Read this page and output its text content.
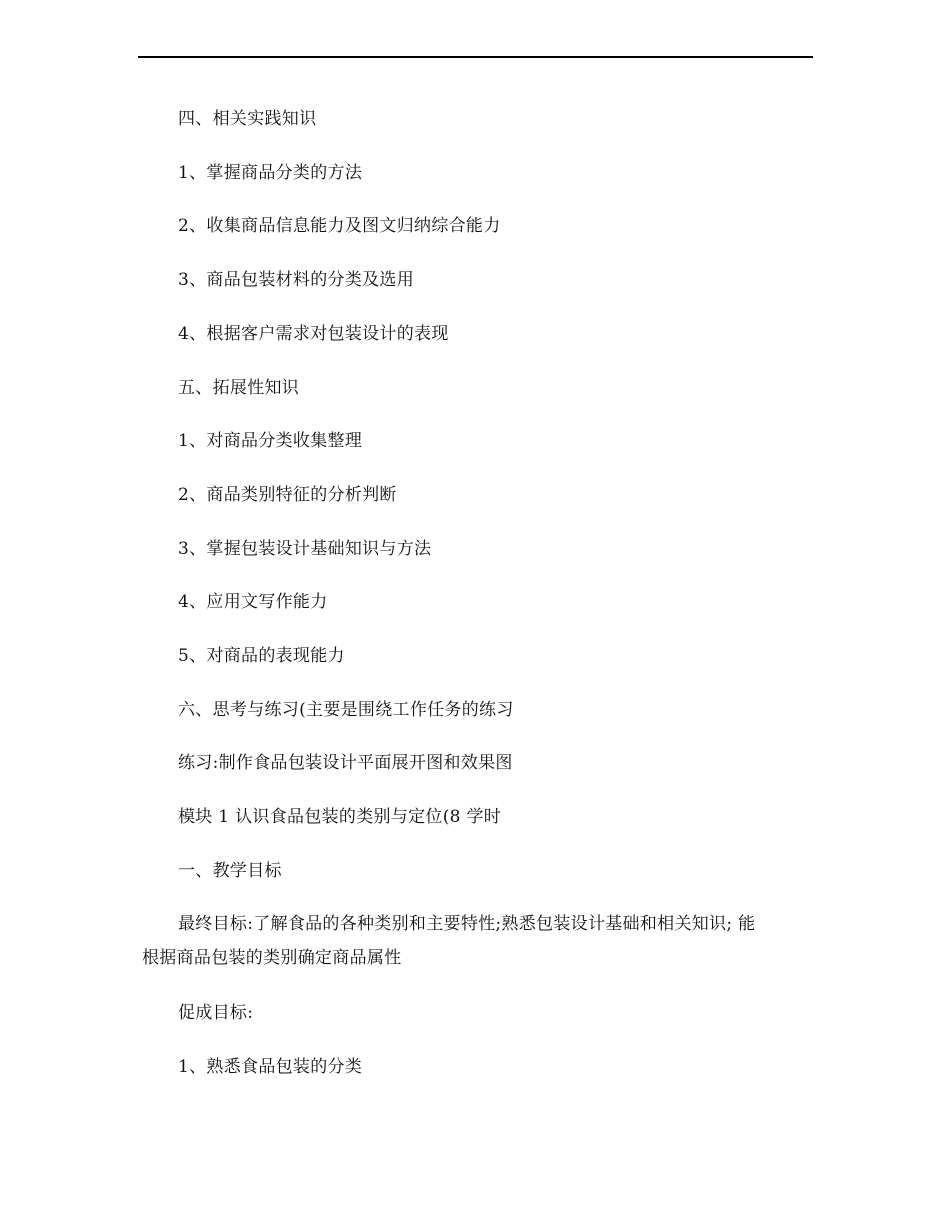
四、相关实践知识
1、掌握商品分类的方法
2、收集商品信息能力及图文归纳综合能力
3、商品包装材料的分类及选用
4、根据客户需求对包装设计的表现
五、拓展性知识
1、对商品分类收集整理
2、商品类别特征的分析判断
3、掌握包装设计基础知识与方法
4、应用文写作能力
5、对商品的表现能力
六、思考与练习(主要是围绕工作任务的练习
练习:制作食品包装设计平面展开图和效果图
模块 1 认识食品包装的类别与定位(8 学时
一、教学目标
最终目标:了解食品的各种类别和主要特性;熟悉包装设计基础和相关知识; 能
根据商品包装的类别确定商品属性
促成目标:
1、熟悉食品包装的分类
